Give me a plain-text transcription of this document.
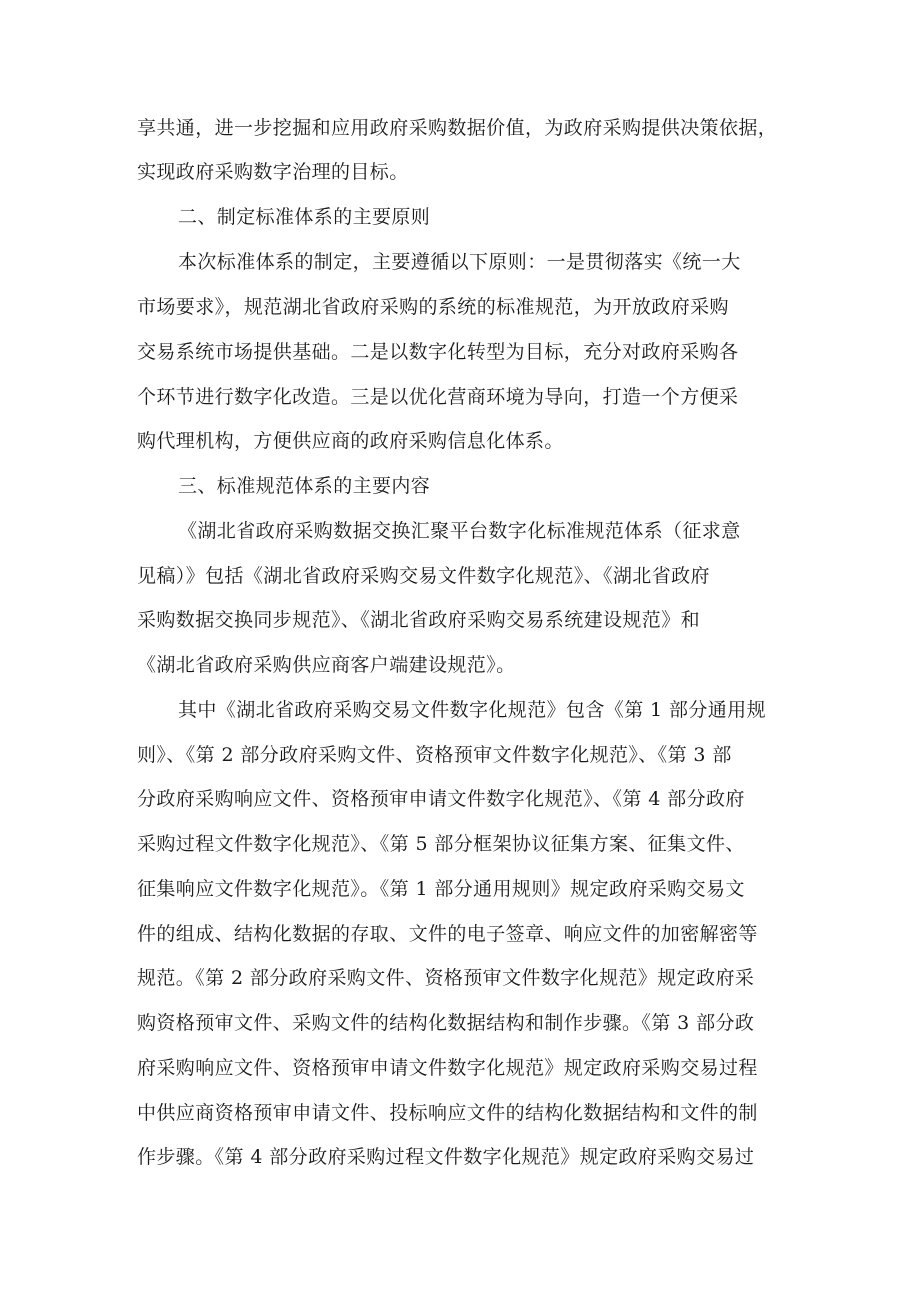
享共通，进一步挖掘和应用政府采购数据价值，为政府采购提供决策依据，
实现政府采购数字治理的目标。
二、制定标准体系的主要原则
本次标准体系的制定，主要遵循以下原则：一是贯彻落实《统一大
市场要求》，规范湖北省政府采购的系统的标准规范，为开放政府采购
交易系统市场提供基础。二是以数字化转型为目标，充分对政府采购各
个环节进行数字化改造。三是以优化营商环境为导向，打造一个方便采
购代理机构，方便供应商的政府采购信息化体系。
三、标准规范体系的主要内容
《湖北省政府采购数据交换汇聚平台数字化标准规范体系（征求意
见稿）》包括《湖北省政府采购交易文件数字化规范》、《湖北省政府
采购数据交换同步规范》、《湖北省政府采购交易系统建设规范》和
《湖北省政府采购供应商客户端建设规范》。
其中《湖北省政府采购交易文件数字化规范》包含《第 1 部分通用规
则》、《第 2 部分政府采购文件、资格预审文件数字化规范》、《第 3 部
分政府采购响应文件、资格预审申请文件数字化规范》、《第 4 部分政府
采购过程文件数字化规范》、《第 5 部分框架协议征集方案、征集文件、
征集响应文件数字化规范》。《第 1 部分通用规则》规定政府采购交易文
件的组成、结构化数据的存取、文件的电子签章、响应文件的加密解密等
规范。《第 2 部分政府采购文件、资格预审文件数字化规范》规定政府采
购资格预审文件、采购文件的结构化数据结构和制作步骤。《第 3 部分政
府采购响应文件、资格预审申请文件数字化规范》规定政府采购交易过程
中供应商资格预审申请文件、投标响应文件的结构化数据结构和文件的制
作步骤。《第 4 部分政府采购过程文件数字化规范》规定政府采购交易过
